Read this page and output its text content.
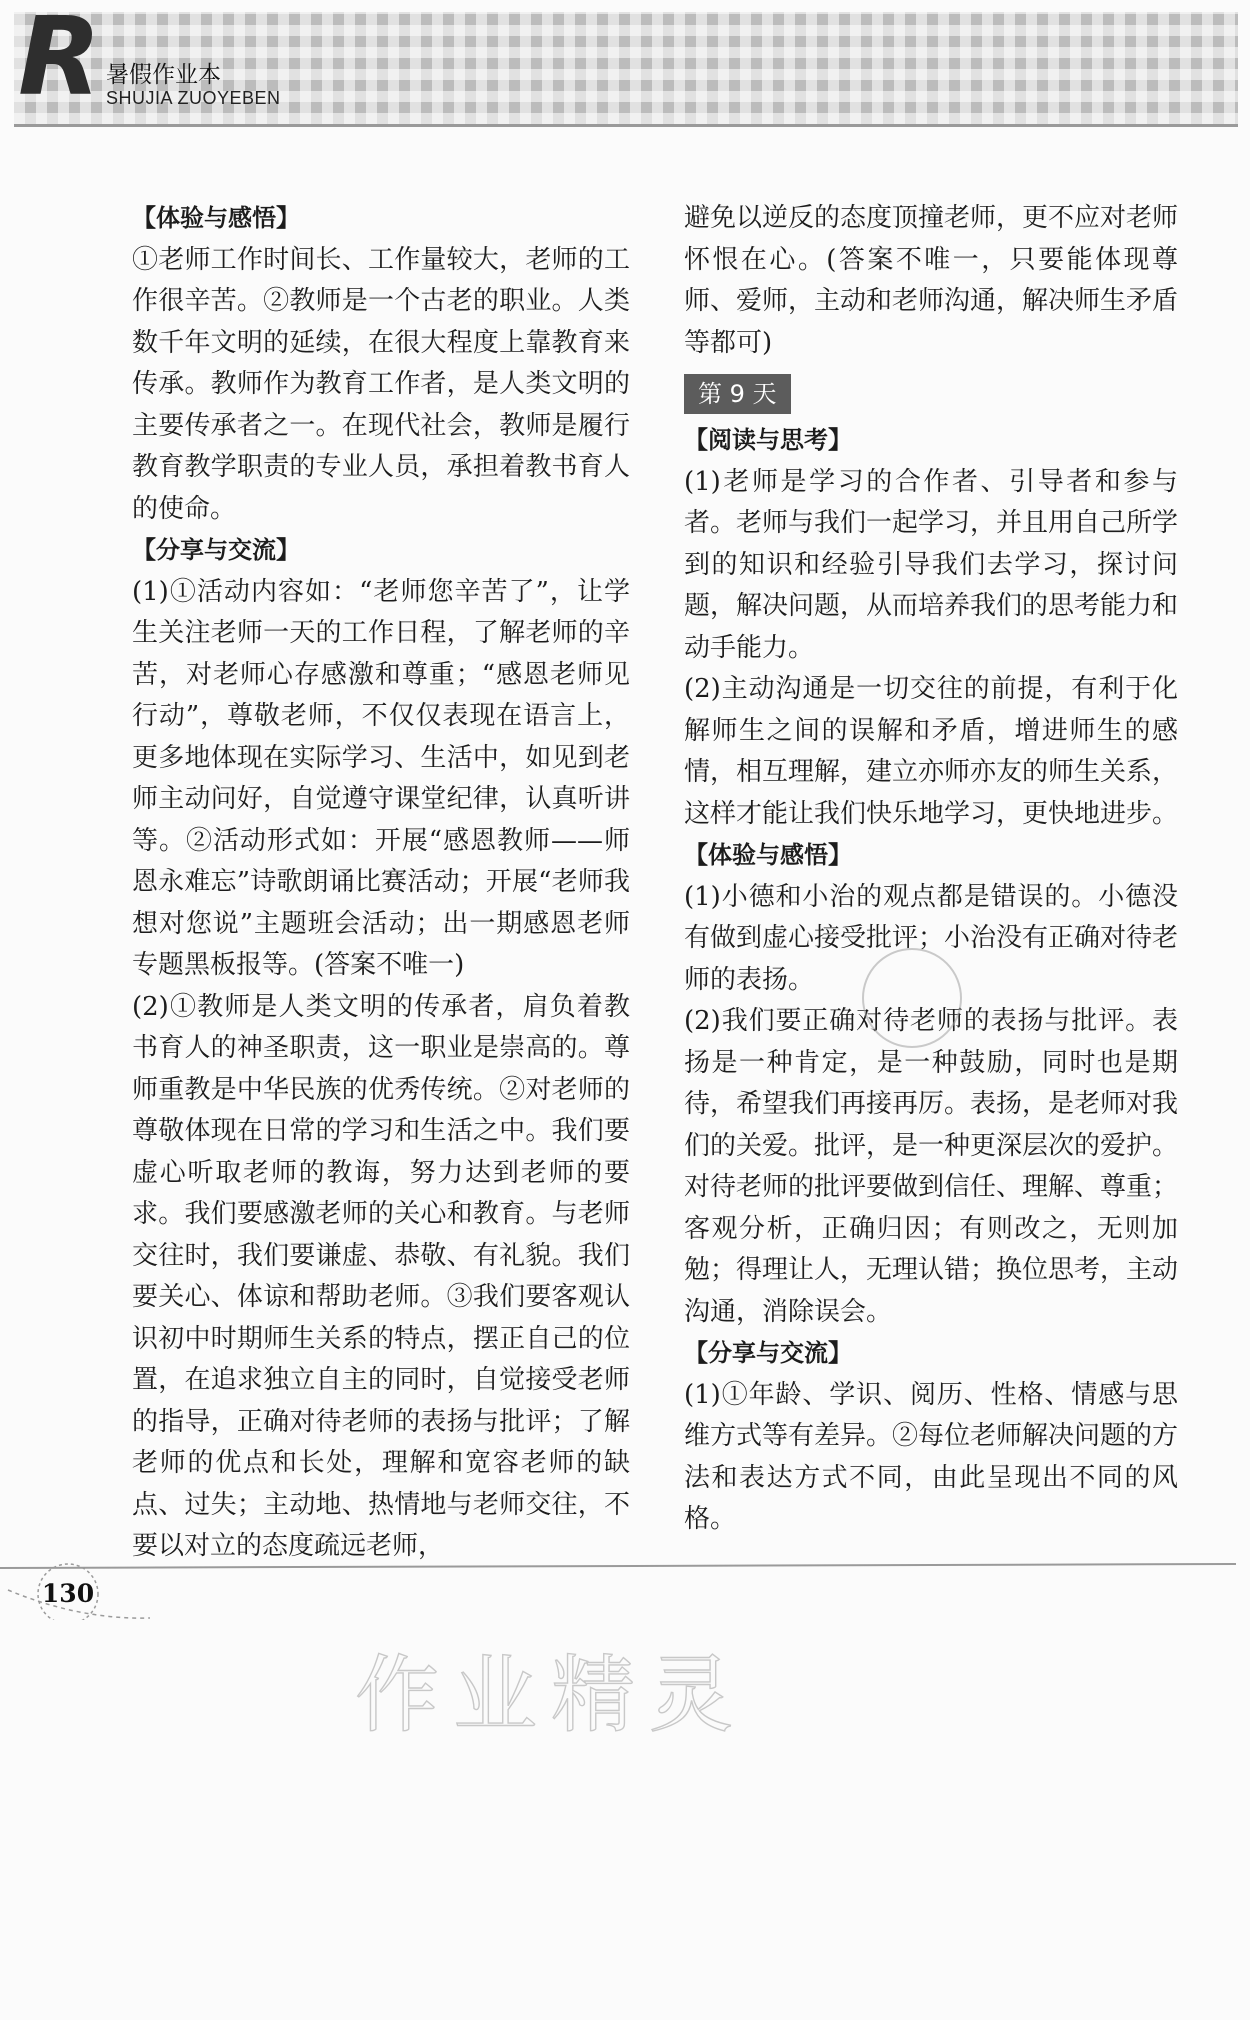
R 暑假作业本
SHUJIA ZUOYEBEN
【体验与感悟】

①老师工作时间长、工作量较大，老师的工作很辛苦。②教师是一个古老的职业。人类数千年文明的延续，在很大程度上靠教育来传承。教师作为教育工作者，是人类文明的主要传承者之一。在现代社会，教师是履行教育教学职责的专业人员，承担着教书育人的使命。

【分享与交流】

(1)①活动内容如：“老师您辛苦了”，让学生关注老师一天的工作日程，了解老师的辛苦，对老师心存感激和尊重；“感恩老师见行动”，尊敬老师，不仅仅表现在语言上，更多地体现在实际学习、生活中，如见到老师主动问好，自觉遵守课堂纪律，认真听讲等。②活动形式如：开展“感恩教师——师恩永难忘”诗歌朗诵比赛活动；开展“老师我想对您说”主题班会活动；出一期感恩老师专题黑板报等。(答案不唯一)

(2)①教师是人类文明的传承者，肩负着教书育人的神圣职责，这一职业是崇高的。尊师重教是中华民族的优秀传统。②对老师的尊敬体现在日常的学习和生活之中。我们要虚心听取老师的教诲，努力达到老师的要求。我们要感激老师的关心和教育。与老师交往时，我们要谦虚、恭敬、有礼貌。我们要关心、体谅和帮助老师。③我们要客观认识初中时期师生关系的特点，摆正自己的位置，在追求独立自主的同时，自觉接受老师的指导，正确对待老师的表扬与批评；了解老师的优点和长处，理解和宽容老师的缺点、过失；主动地、热情地与老师交往，不要以对立的态度疏远老师，

避免以逆反的态度顶撞老师，更不应对老师怀恨在心。(答案不唯一，只要能体现尊师、爱师，主动和老师沟通，解决师生矛盾等都可)

第 9 天
【阅读与思考】

(1)老师是学习的合作者、引导者和参与者。老师与我们一起学习，并且用自己所学到的知识和经验引导我们去学习，探讨问题，解决问题，从而培养我们的思考能力和动手能力。

(2)主动沟通是一切交往的前提，有利于化解师生之间的误解和矛盾，增进师生的感情，相互理解，建立亦师亦友的师生关系，这样才能让我们快乐地学习，更快地进步。

【体验与感悟】

(1)小德和小治的观点都是错误的。小德没有做到虚心接受批评；小治没有正确对待老师的表扬。

(2)我们要正确对待老师的表扬与批评。表扬是一种肯定，是一种鼓励，同时也是期待，希望我们再接再厉。表扬，是老师对我们的关爱。批评，是一种更深层次的爱护。对待老师的批评要做到信任、理解、尊重；客观分析，正确归因；有则改之，无则加勉；得理让人，无理认错；换位思考，主动沟通，消除误会。

【分享与交流】

(1)①年龄、学识、阅历、性格、情感与思维方式等有差异。②每位老师解决问题的方法和表达方式不同，由此呈现出不同的风格。

130
作业精灵
